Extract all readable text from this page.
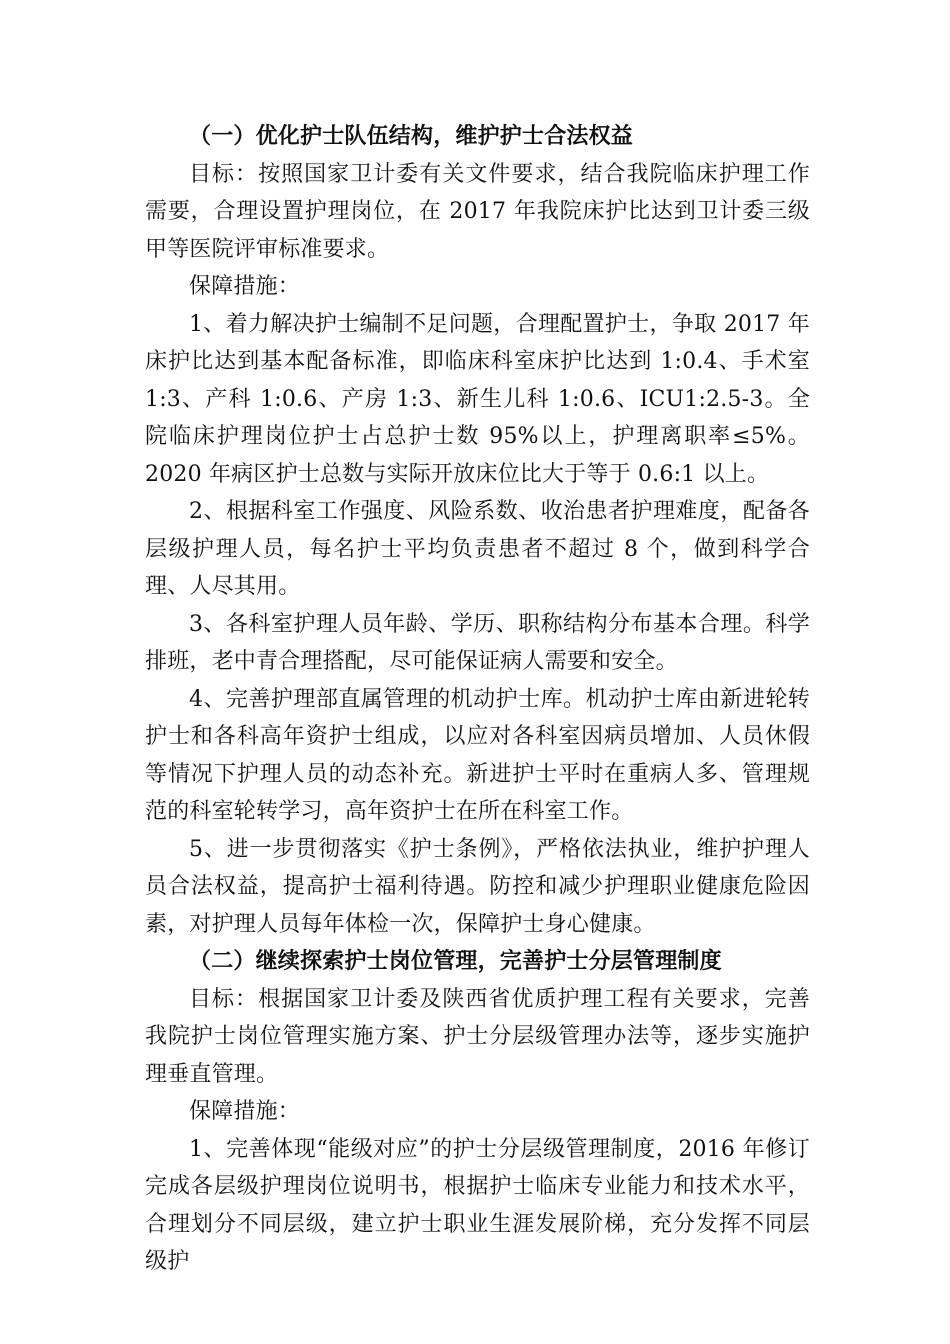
（一）优化护士队伍结构，维护护士合法权益

目标：按照国家卫计委有关文件要求，结合我院临床护理工作需要，合理设置护理岗位，在 2017 年我院床护比达到卫计委三级甲等医院评审标准要求。

保障措施：

1、着力解决护士编制不足问题，合理配置护士，争取 2017 年床护比达到基本配备标准，即临床科室床护比达到 1:0.4、手术室 1:3、产科 1:0.6、产房 1:3、新生儿科 1:0.6、ICU1:2.5-3。全院临床护理岗位护士占总护士数 95%以上，护理离职率≤5%。2020 年病区护士总数与实际开放床位比大于等于 0.6:1 以上。

2、根据科室工作强度、风险系数、收治患者护理难度，配备各层级护理人员，每名护士平均负责患者不超过 8 个，做到科学合理、人尽其用。

3、各科室护理人员年龄、学历、职称结构分布基本合理。科学排班，老中青合理搭配，尽可能保证病人需要和安全。

4、完善护理部直属管理的机动护士库。机动护士库由新进轮转护士和各科高年资护士组成，以应对各科室因病员增加、人员休假等情况下护理人员的动态补充。新进护士平时在重病人多、管理规范的科室轮转学习，高年资护士在所在科室工作。

5、进一步贯彻落实《护士条例》，严格依法执业，维护护理人员合法权益，提高护士福利待遇。防控和减少护理职业健康危险因素，对护理人员每年体检一次，保障护士身心健康。

（二）继续探索护士岗位管理，完善护士分层管理制度

目标：根据国家卫计委及陕西省优质护理工程有关要求，完善我院护士岗位管理实施方案、护士分层级管理办法等，逐步实施护理垂直管理。

保障措施：

1、完善体现“能级对应”的护士分层级管理制度，2016 年修订完成各层级护理岗位说明书，根据护士临床专业能力和技术水平，合理划分不同层级，建立护士职业生涯发展阶梯，充分发挥不同层级护
